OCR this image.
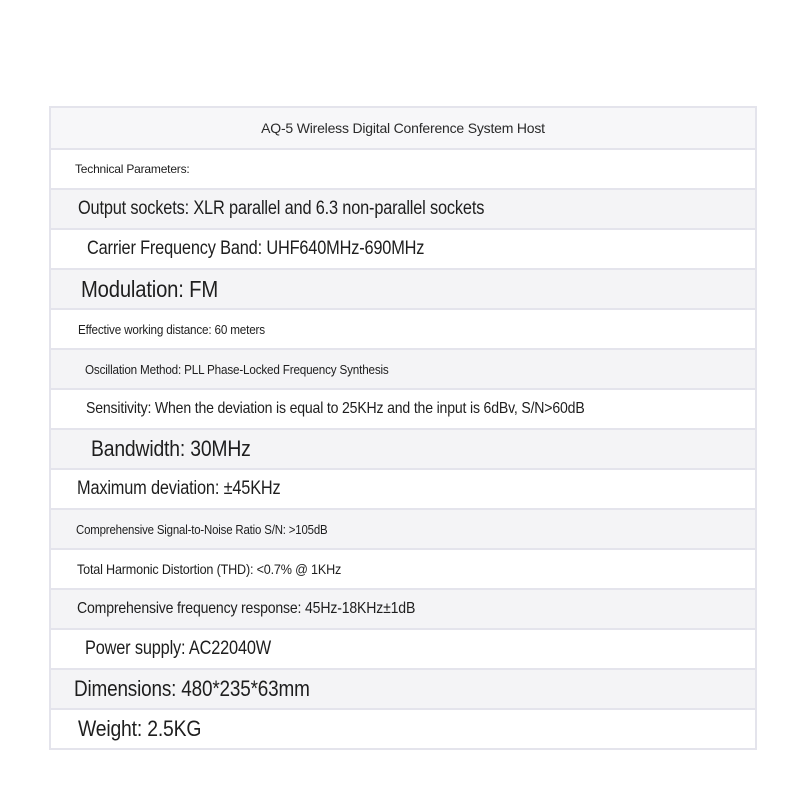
AQ-5 Wireless Digital Conference System Host
Technical Parameters:
Output sockets: XLR parallel and 6.3 non-parallel sockets
Carrier Frequency Band: UHF640MHz-690MHz
Modulation: FM
Effective working distance: 60 meters
Oscillation Method: PLL Phase-Locked Frequency Synthesis
Sensitivity: When the deviation is equal to 25KHz and the input is 6dBv, S/N>60dB
Bandwidth: 30MHz
Maximum deviation: ±45KHz
Comprehensive Signal-to-Noise Ratio S/N: >105dB
Total Harmonic Distortion (THD): <0.7% @ 1KHz
Comprehensive frequency response: 45Hz-18KHz±1dB
Power supply: AC22040W
Dimensions: 480*235*63mm
Weight: 2.5KG
